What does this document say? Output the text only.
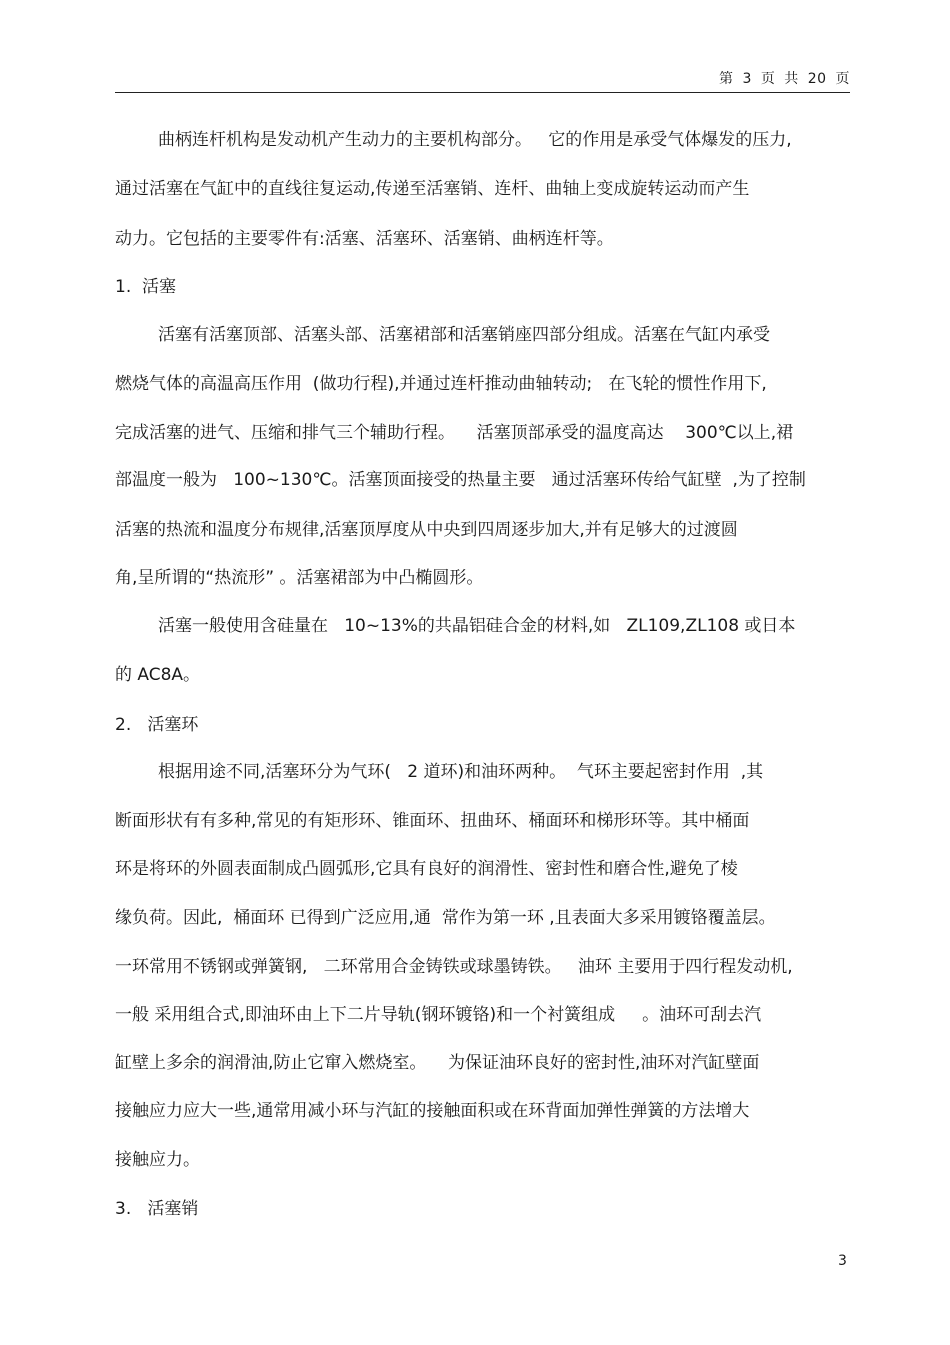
第 3 页 共 20 页

曲柄连杆机构是发动机产生动力的主要机构部分。   它的作用是承受气体爆发的压力,

通过活塞在气缸中的直线往复运动,传递至活塞销、连杆、曲轴上变成旋转运动而产生

动力。它包括的主要零件有:活塞、活塞环、活塞销、曲柄连杆等。

1.  活塞

活塞有活塞顶部、活塞头部、活塞裙部和活塞销座四部分组成。活塞在气缸内承受

燃烧气体的高温高压作用  (做功行程),并通过连杆推动曲轴转动;   在飞轮的惯性作用下,

完成活塞的进气、压缩和排气三个辅助行程。    活塞顶部承受的温度高达    300℃以上,裙

部温度一般为   100~130℃。活塞顶面接受的热量主要   通过活塞环传给气缸壁  ,为了控制

活塞的热流和温度分布规律,活塞顶厚度从中央到四周逐步加大,并有足够大的过渡圆

角,呈所谓的“热流形” 。活塞裙部为中凸椭圆形。

活塞一般使用含硅量在   10~13%的共晶铝硅合金的材料,如   ZL109,ZL108 或日本

的 AC8A。

2.   活塞环

根据用途不同,活塞环分为气环(   2 道环)和油环两种。  气环主要起密封作用  ,其

断面形状有有多种,常见的有矩形环、锥面环、扭曲环、桶面环和梯形环等。其中桶面

环是将环的外圆表面制成凸圆弧形,它具有良好的润滑性、密封性和磨合性,避免了棱

缘负荷。因此,  桶面环 已得到广泛应用,通  常作为第一环 ,且表面大多采用镀铬覆盖层。

一环常用不锈钢或弹簧钢,   二环常用合金铸铁或球墨铸铁。   油环 主要用于四行程发动机,

一般 采用组合式,即油环由上下二片导轨(钢环镀铬)和一个衬簧组成     。油环可刮去汽

缸壁上多余的润滑油,防止它窜入燃烧室。    为保证油环良好的密封性,油环对汽缸壁面

接触应力应大一些,通常用减小环与汽缸的接触面积或在环背面加弹性弹簧的方法增大

接触应力。

3.   活塞销

3
